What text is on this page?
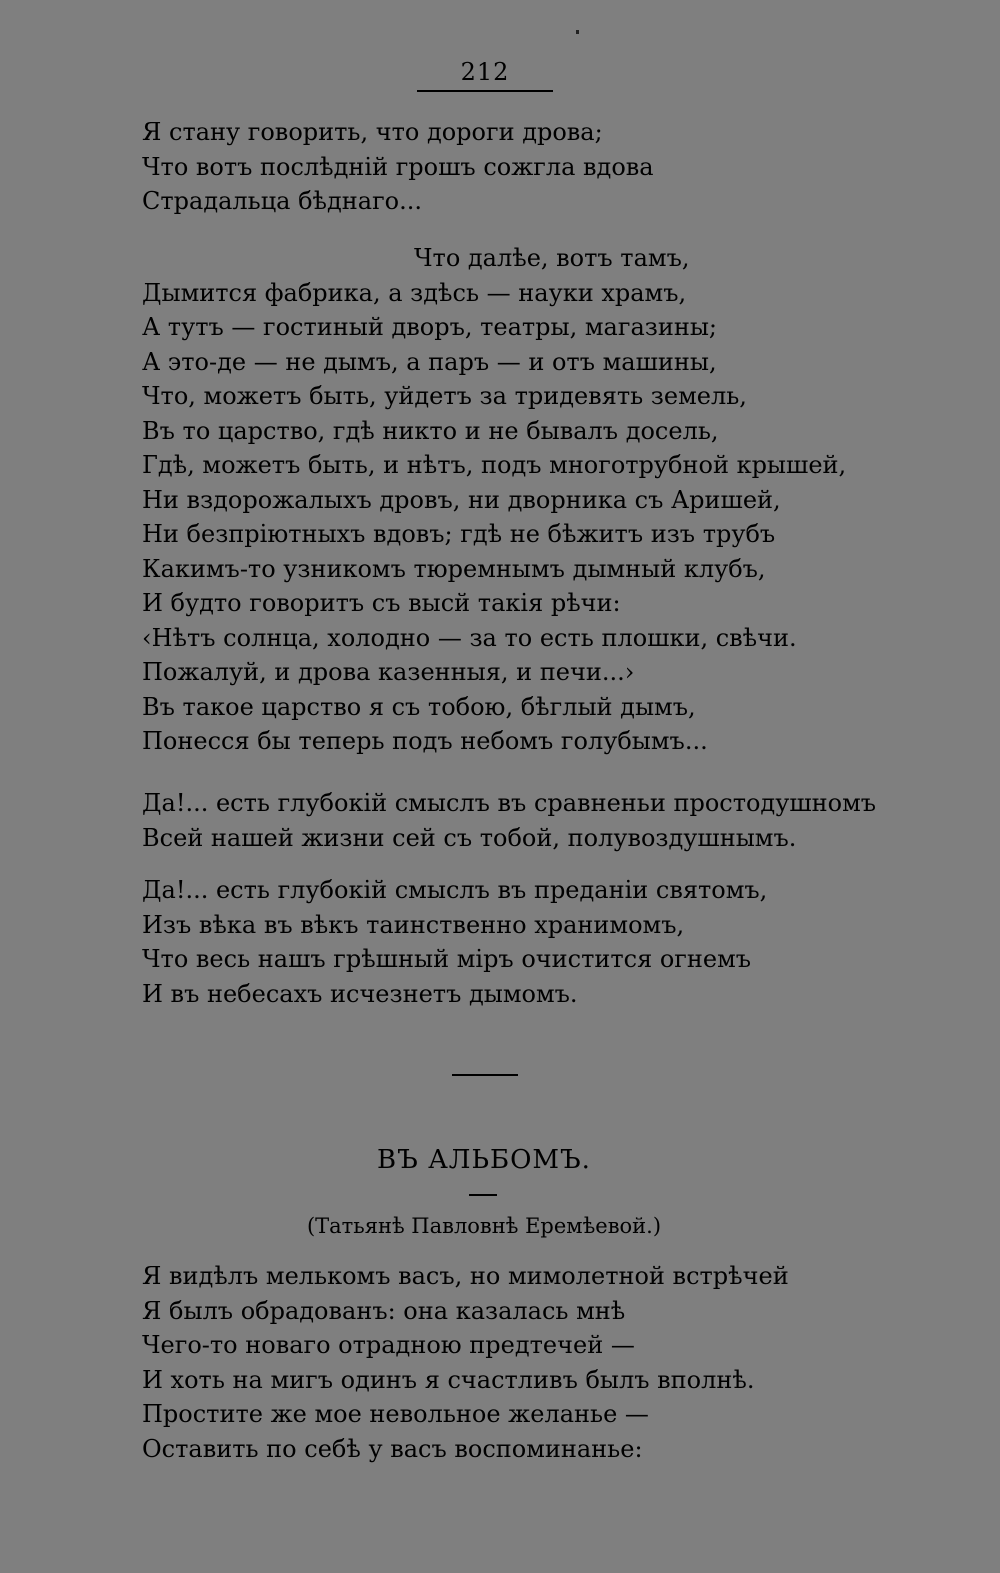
212
Я стану говорить, что дороги дрова;
Что вотъ послѣдній грошъ сожгла вдова
Страдальца бѣднаго...
Что далѣе, вотъ тамъ,
Дымится фабрика, а здѣсь — науки храмъ,
А тутъ — гостиный дворъ, театры, магазины;
А это-де — не дымъ, а паръ — и отъ машины,
Что, можетъ быть, уйдетъ за тридевять земель,
Въ то царство, гдѣ никто и не бывалъ досель,
Гдѣ, можетъ быть, и нѣтъ, подъ многотрубной крышей,
Ни вздорожалыхъ дровъ, ни дворника съ Аришей,
Ни безпріютныхъ вдовъ; гдѣ не бѣжитъ изъ трубъ
Какимъ-то узникомъ тюремнымъ дымный клубъ,
И будто говоритъ съ высй такія рѣчи:
‹Нѣтъ солнца, холодно — за то есть плошки, свѣчи.
Пожалуй, и дрова казенныя, и печи...›
Въ такое царство я съ тобою, бѣглый дымъ,
Понесся бы теперь подъ небомъ голубымъ...
Да!... есть глубокій смыслъ въ сравненьи простодушномъ
Всей нашей жизни сей съ тобой, полувоздушнымъ.
Да!... есть глубокій смыслъ въ преданіи святомъ,
Изъ вѣка въ вѣкъ таинственно хранимомъ,
Что весь нашъ грѣшный міръ очистится огнемъ
И въ небесахъ исчезнетъ дымомъ.
ВЪ АЛЬБОМЪ.
(Татьянѣ Павловнѣ Еремѣевой.)
Я видѣлъ мелькомъ васъ, но мимолетной встрѣчей
Я былъ обрадованъ: она казалась мнѣ
Чего-то новаго отрадною предтечей —
И хоть на мигъ одинъ я счастливъ былъ вполнѣ.
Простите же мое невольное желанье —
Оставить по себѣ у васъ воспоминанье:
